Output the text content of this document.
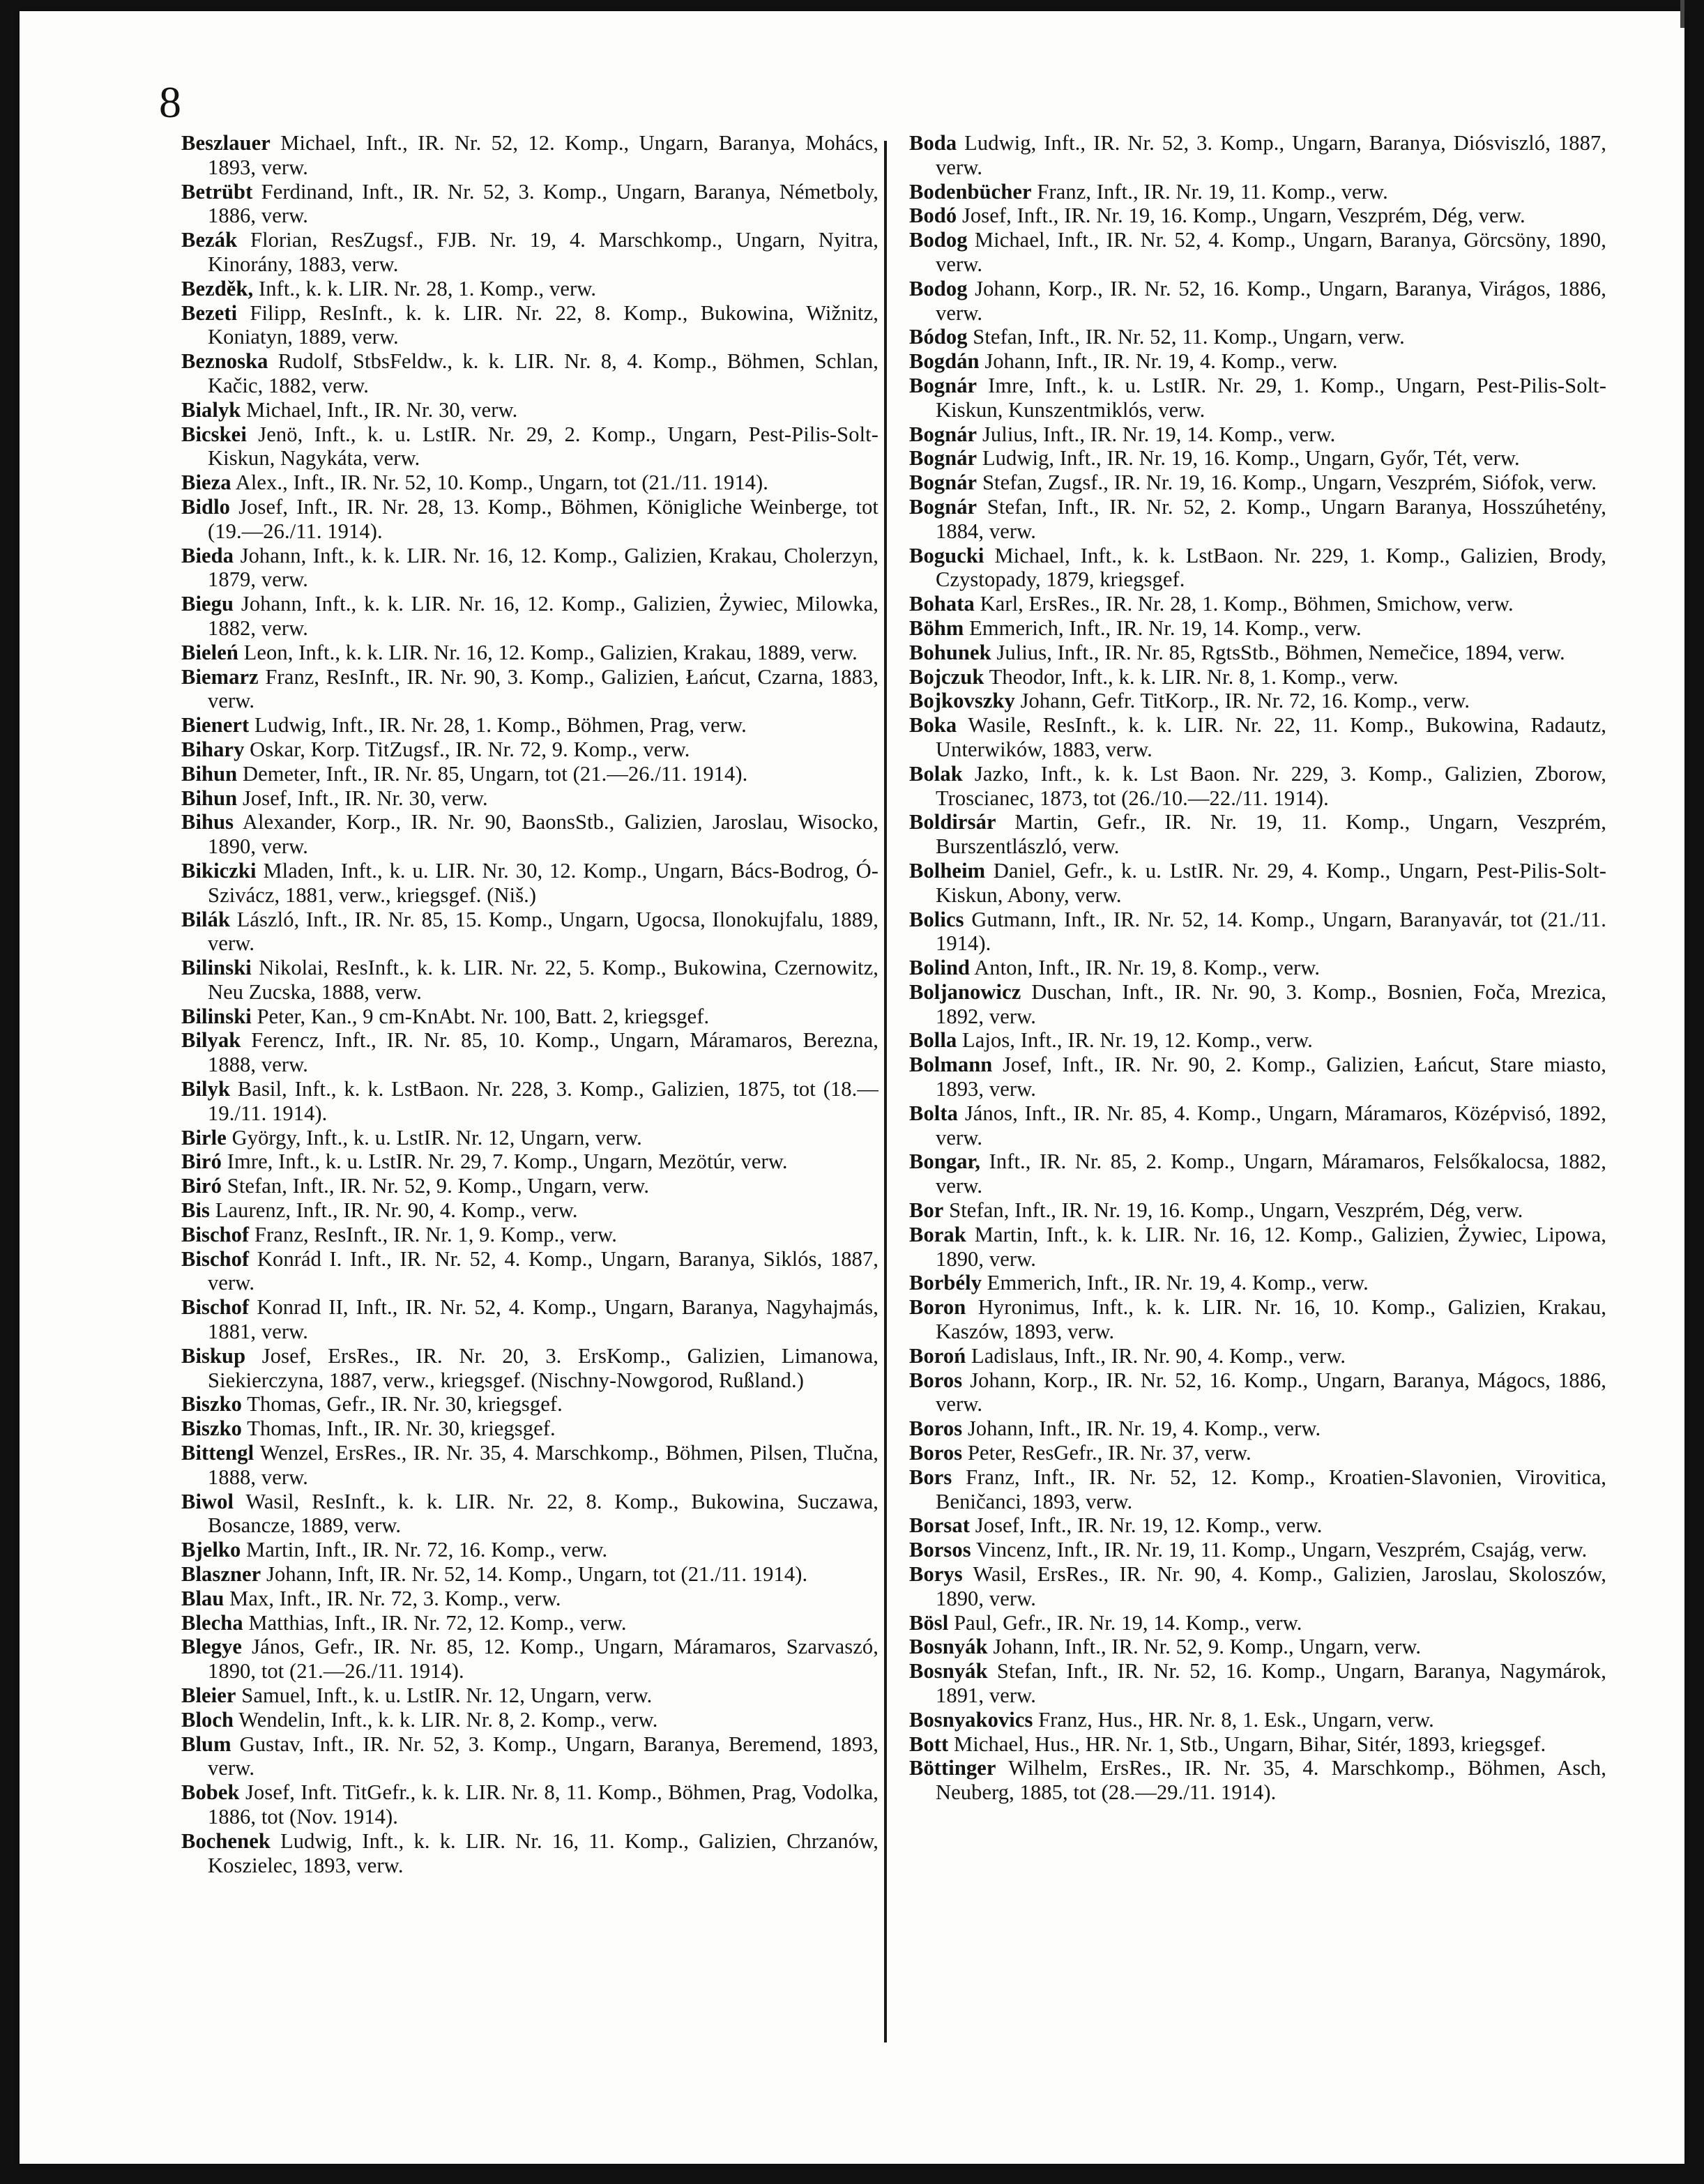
8
Beszlauer Michael, Inft., IR. Nr. 52, 12. Komp., Ungarn, Baranya, Mohács, 1893, verw.
Betrübt Ferdinand, Inft., IR. Nr. 52, 3. Komp., Ungarn, Baranya, Németboly, 1886, verw.
Bezák Florian, ResZugsf., FJB. Nr. 19, 4. Marschkomp., Ungarn, Nyitra, Kinorány, 1883, verw.
Bezděk, Inft., k. k. LIR. Nr. 28, 1. Komp., verw.
Bezeti Filipp, ResInft., k. k. LIR. Nr. 22, 8. Komp., Bukowina, Wižnitz, Koniatyn, 1889, verw.
Beznoska Rudolf, StbsFeldw., k. k. LIR. Nr. 8, 4. Komp., Böhmen, Schlan, Kačic, 1882, verw.
Bialyk Michael, Inft., IR. Nr. 30, verw.
Bicskei Jenö, Inft., k. u. LstIR. Nr. 29, 2. Komp., Ungarn, Pest-Pilis-Solt-Kiskun, Nagykáta, verw.
Bieza Alex., Inft., IR. Nr. 52, 10. Komp., Ungarn, tot (21./11. 1914).
Bidlo Josef, Inft., IR. Nr. 28, 13. Komp., Böhmen, Königliche Weinberge, tot (19.—26./11. 1914).
Bieda Johann, Inft., k. k. LIR. Nr. 16, 12. Komp., Galizien, Krakau, Cholerzyn, 1879, verw.
Biegu Johann, Inft., k. k. LIR. Nr. 16, 12. Komp., Galizien, Żywiec, Milowka, 1882, verw.
Bieleń Leon, Inft., k. k. LIR. Nr. 16, 12. Komp., Galizien, Krakau, 1889, verw.
Biemarz Franz, ResInft., IR. Nr. 90, 3. Komp., Galizien, Łańcut, Czarna, 1883, verw.
Bienert Ludwig, Inft., IR. Nr. 28, 1. Komp., Böhmen, Prag, verw.
Bihary Oskar, Korp. TitZugsf., IR. Nr. 72, 9. Komp., verw.
Bihun Demeter, Inft., IR. Nr. 85, Ungarn, tot (21.—26./11. 1914).
Bihun Josef, Inft., IR. Nr. 30, verw.
Bihus Alexander, Korp., IR. Nr. 90, BaonsStb., Galizien, Jaroslau, Wisocko, 1890, verw.
Bikiczki Mladen, Inft., k. u. LIR. Nr. 30, 12. Komp., Ungarn, Bács-Bodrog, Ó-Szivácz, 1881, verw., kriegsgef. (Niš.)
Bilák László, Inft., IR. Nr. 85, 15. Komp., Ungarn, Ugocsa, Ilonokujfalu, 1889, verw.
Bilinski Nikolai, ResInft., k. k. LIR. Nr. 22, 5. Komp., Bukowina, Czernowitz, Neu Zucska, 1888, verw.
Bilinski Peter, Kan., 9 cm-KnAbt. Nr. 100, Batt. 2, kriegsgef.
Bilyak Ferencz, Inft., IR. Nr. 85, 10. Komp., Ungarn, Máramaros, Berezna, 1888, verw.
Bilyk Basil, Inft., k. k. LstBaon. Nr. 228, 3. Komp., Galizien, 1875, tot (18.—19./11. 1914).
Birle György, Inft., k. u. LstIR. Nr. 12, Ungarn, verw.
Biró Imre, Inft., k. u. LstIR. Nr. 29, 7. Komp., Ungarn, Mezötúr, verw.
Biró Stefan, Inft., IR. Nr. 52, 9. Komp., Ungarn, verw.
Bis Laurenz, Inft., IR. Nr. 90, 4. Komp., verw.
Bischof Franz, ResInft., IR. Nr. 1, 9. Komp., verw.
Bischof Konrád I. Inft., IR. Nr. 52, 4. Komp., Ungarn, Baranya, Siklós, 1887, verw.
Bischof Konrad II, Inft., IR. Nr. 52, 4. Komp., Ungarn, Baranya, Nagyhajmás, 1881, verw.
Biskup Josef, ErsRes., IR. Nr. 20, 3. ErsKomp., Galizien, Limanowa, Siekierczyna, 1887, verw., kriegsgef. (Nischny-Nowgorod, Rußland.)
Biszko Thomas, Gefr., IR. Nr. 30, kriegsgef.
Biszko Thomas, Inft., IR. Nr. 30, kriegsgef.
Bittengl Wenzel, ErsRes., IR. Nr. 35, 4. Marschkomp., Böhmen, Pilsen, Tlučna, 1888, verw.
Biwol Wasil, ResInft., k. k. LIR. Nr. 22, 8. Komp., Bukowina, Suczawa, Bosancze, 1889, verw.
Bjelko Martin, Inft., IR. Nr. 72, 16. Komp., verw.
Blaszner Johann, Inft, IR. Nr. 52, 14. Komp., Ungarn, tot (21./11. 1914).
Blau Max, Inft., IR. Nr. 72, 3. Komp., verw.
Blecha Matthias, Inft., IR. Nr. 72, 12. Komp., verw.
Blegye János, Gefr., IR. Nr. 85, 12. Komp., Ungarn, Máramaros, Szarvaszó, 1890, tot (21.—26./11. 1914).
Bleier Samuel, Inft., k. u. LstIR. Nr. 12, Ungarn, verw.
Bloch Wendelin, Inft., k. k. LIR. Nr. 8, 2. Komp., verw.
Blum Gustav, Inft., IR. Nr. 52, 3. Komp., Ungarn, Baranya, Beremend, 1893, verw.
Bobek Josef, Inft. TitGefr., k. k. LIR. Nr. 8, 11. Komp., Böhmen, Prag, Vodolka, 1886, tot (Nov. 1914).
Bochenek Ludwig, Inft., k. k. LIR. Nr. 16, 11. Komp., Galizien, Chrzanów, Koszielec, 1893, verw.
Boda Ludwig, Inft., IR. Nr. 52, 3. Komp., Ungarn, Baranya, Diósviszló, 1887, verw.
Bodenbücher Franz, Inft., IR. Nr. 19, 11. Komp., verw.
Bodó Josef, Inft., IR. Nr. 19, 16. Komp., Ungarn, Veszprém, Dég, verw.
Bodog Michael, Inft., IR. Nr. 52, 4. Komp., Ungarn, Baranya, Görcsöny, 1890, verw.
Bodog Johann, Korp., IR. Nr. 52, 16. Komp., Ungarn, Baranya, Virágos, 1886, verw.
Bódog Stefan, Inft., IR. Nr. 52, 11. Komp., Ungarn, verw.
Bogdán Johann, Inft., IR. Nr. 19, 4. Komp., verw.
Bognár Imre, Inft., k. u. LstIR. Nr. 29, 1. Komp., Ungarn, Pest-Pilis-Solt-Kiskun, Kunszentmiklós, verw.
Bognár Julius, Inft., IR. Nr. 19, 14. Komp., verw.
Bognár Ludwig, Inft., IR. Nr. 19, 16. Komp., Ungarn, Győr, Tét, verw.
Bognár Stefan, Zugsf., IR. Nr. 19, 16. Komp., Ungarn, Veszprém, Siófok, verw.
Bognár Stefan, Inft., IR. Nr. 52, 2. Komp., Ungarn Baranya, Hosszúhetény, 1884, verw.
Bogucki Michael, Inft., k. k. LstBaon. Nr. 229, 1. Komp., Galizien, Brody, Czystopady, 1879, kriegsgef.
Bohata Karl, ErsRes., IR. Nr. 28, 1. Komp., Böhmen, Smichow, verw.
Böhm Emmerich, Inft., IR. Nr. 19, 14. Komp., verw.
Bohunek Julius, Inft., IR. Nr. 85, RgtsStb., Böhmen, Nemečice, 1894, verw.
Bojczuk Theodor, Inft., k. k. LIR. Nr. 8, 1. Komp., verw.
Bojkovszky Johann, Gefr. TitKorp., IR. Nr. 72, 16. Komp., verw.
Boka Wasile, ResInft., k. k. LIR. Nr. 22, 11. Komp., Bukowina, Radautz, Unterwików, 1883, verw.
Bolak Jazko, Inft., k. k. Lst Baon. Nr. 229, 3. Komp., Galizien, Zborow, Troscianec, 1873, tot (26./10.—22./11. 1914).
Boldirsár Martin, Gefr., IR. Nr. 19, 11. Komp., Ungarn, Veszprém, Burszentlászló, verw.
Bolheim Daniel, Gefr., k. u. LstIR. Nr. 29, 4. Komp., Ungarn, Pest-Pilis-Solt-Kiskun, Abony, verw.
Bolics Gutmann, Inft., IR. Nr. 52, 14. Komp., Ungarn, Baranyavár, tot (21./11. 1914).
Bolind Anton, Inft., IR. Nr. 19, 8. Komp., verw.
Boljanowicz Duschan, Inft., IR. Nr. 90, 3. Komp., Bosnien, Foča, Mrezica, 1892, verw.
Bolla Lajos, Inft., IR. Nr. 19, 12. Komp., verw.
Bolmann Josef, Inft., IR. Nr. 90, 2. Komp., Galizien, Łańcut, Stare miasto, 1893, verw.
Bolta János, Inft., IR. Nr. 85, 4. Komp., Ungarn, Máramaros, Középvisó, 1892, verw.
Bongar, Inft., IR. Nr. 85, 2. Komp., Ungarn, Máramaros, Felsőkalocsa, 1882, verw.
Bor Stefan, Inft., IR. Nr. 19, 16. Komp., Ungarn, Veszprém, Dég, verw.
Borak Martin, Inft., k. k. LIR. Nr. 16, 12. Komp., Galizien, Żywiec, Lipowa, 1890, verw.
Borbély Emmerich, Inft., IR. Nr. 19, 4. Komp., verw.
Boron Hyronimus, Inft., k. k. LIR. Nr. 16, 10. Komp., Galizien, Krakau, Kaszów, 1893, verw.
Boroń Ladislaus, Inft., IR. Nr. 90, 4. Komp., verw.
Boros Johann, Korp., IR. Nr. 52, 16. Komp., Ungarn, Baranya, Mágocs, 1886, verw.
Boros Johann, Inft., IR. Nr. 19, 4. Komp., verw.
Boros Peter, ResGefr., IR. Nr. 37, verw.
Bors Franz, Inft., IR. Nr. 52, 12. Komp., Kroatien-Slavonien, Virovitica, Beničanci, 1893, verw.
Borsat Josef, Inft., IR. Nr. 19, 12. Komp., verw.
Borsos Vincenz, Inft., IR. Nr. 19, 11. Komp., Ungarn, Veszprém, Csajág, verw.
Borys Wasil, ErsRes., IR. Nr. 90, 4. Komp., Galizien, Jaroslau, Skoloszów, 1890, verw.
Bösl Paul, Gefr., IR. Nr. 19, 14. Komp., verw.
Bosnyák Johann, Inft., IR. Nr. 52, 9. Komp., Ungarn, verw.
Bosnyák Stefan, Inft., IR. Nr. 52, 16. Komp., Ungarn, Baranya, Nagymárok, 1891, verw.
Bosnyakovics Franz, Hus., HR. Nr. 8, 1. Esk., Ungarn, verw.
Bott Michael, Hus., HR. Nr. 1, Stb., Ungarn, Bihar, Sitér, 1893, kriegsgef.
Böttinger Wilhelm, ErsRes., IR. Nr. 35, 4. Marschkomp., Böhmen, Asch, Neuberg, 1885, tot (28.—29./11. 1914).
